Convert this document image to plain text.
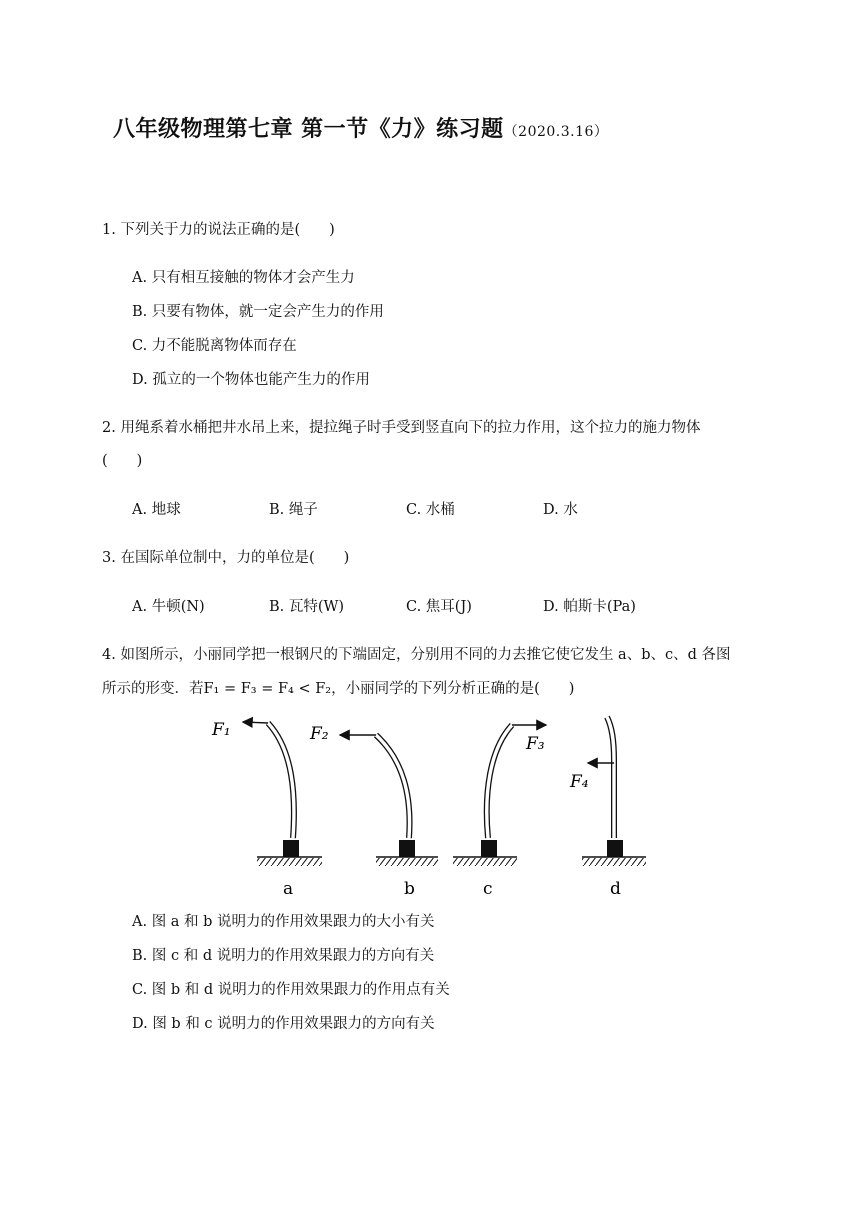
八年级物理第七章 第一节《力》练习题（2020.3.16）
1. 下列关于力的说法正确的是(　　)
A. 只有相互接触的物体才会产生力
B. 只要有物体，就一定会产生力的作用
C. 力不能脱离物体而存在
D. 孤立的一个物体也能产生力的作用
2. 用绳系着水桶把井水吊上来，提拉绳子时手受到竖直向下的拉力作用，这个拉力的施力物体
(　　)
A. 地球	B. 绳子	C. 水桶	D. 水
3. 在国际单位制中，力的单位是(　　)
A. 牛顿(N)	B. 瓦特(W)	C. 焦耳(J)	D. 帕斯卡(Pa)
4. 如图所示，小丽同学把一根钢尺的下端固定，分别用不同的力去推它使它发生 a、b、c、d 各图
所示的形变．若F₁ = F₃ = F₄ < F₂，小丽同学的下列分析正确的是(　　)
F₁	F₂	F₃
F₄
a	b	c	d
A. 图 a 和 b 说明力的作用效果跟力的大小有关
B. 图 c 和 d 说明力的作用效果跟力的方向有关
C. 图 b 和 d 说明力的作用效果跟力的作用点有关
D. 图 b 和 c 说明力的作用效果跟力的方向有关
